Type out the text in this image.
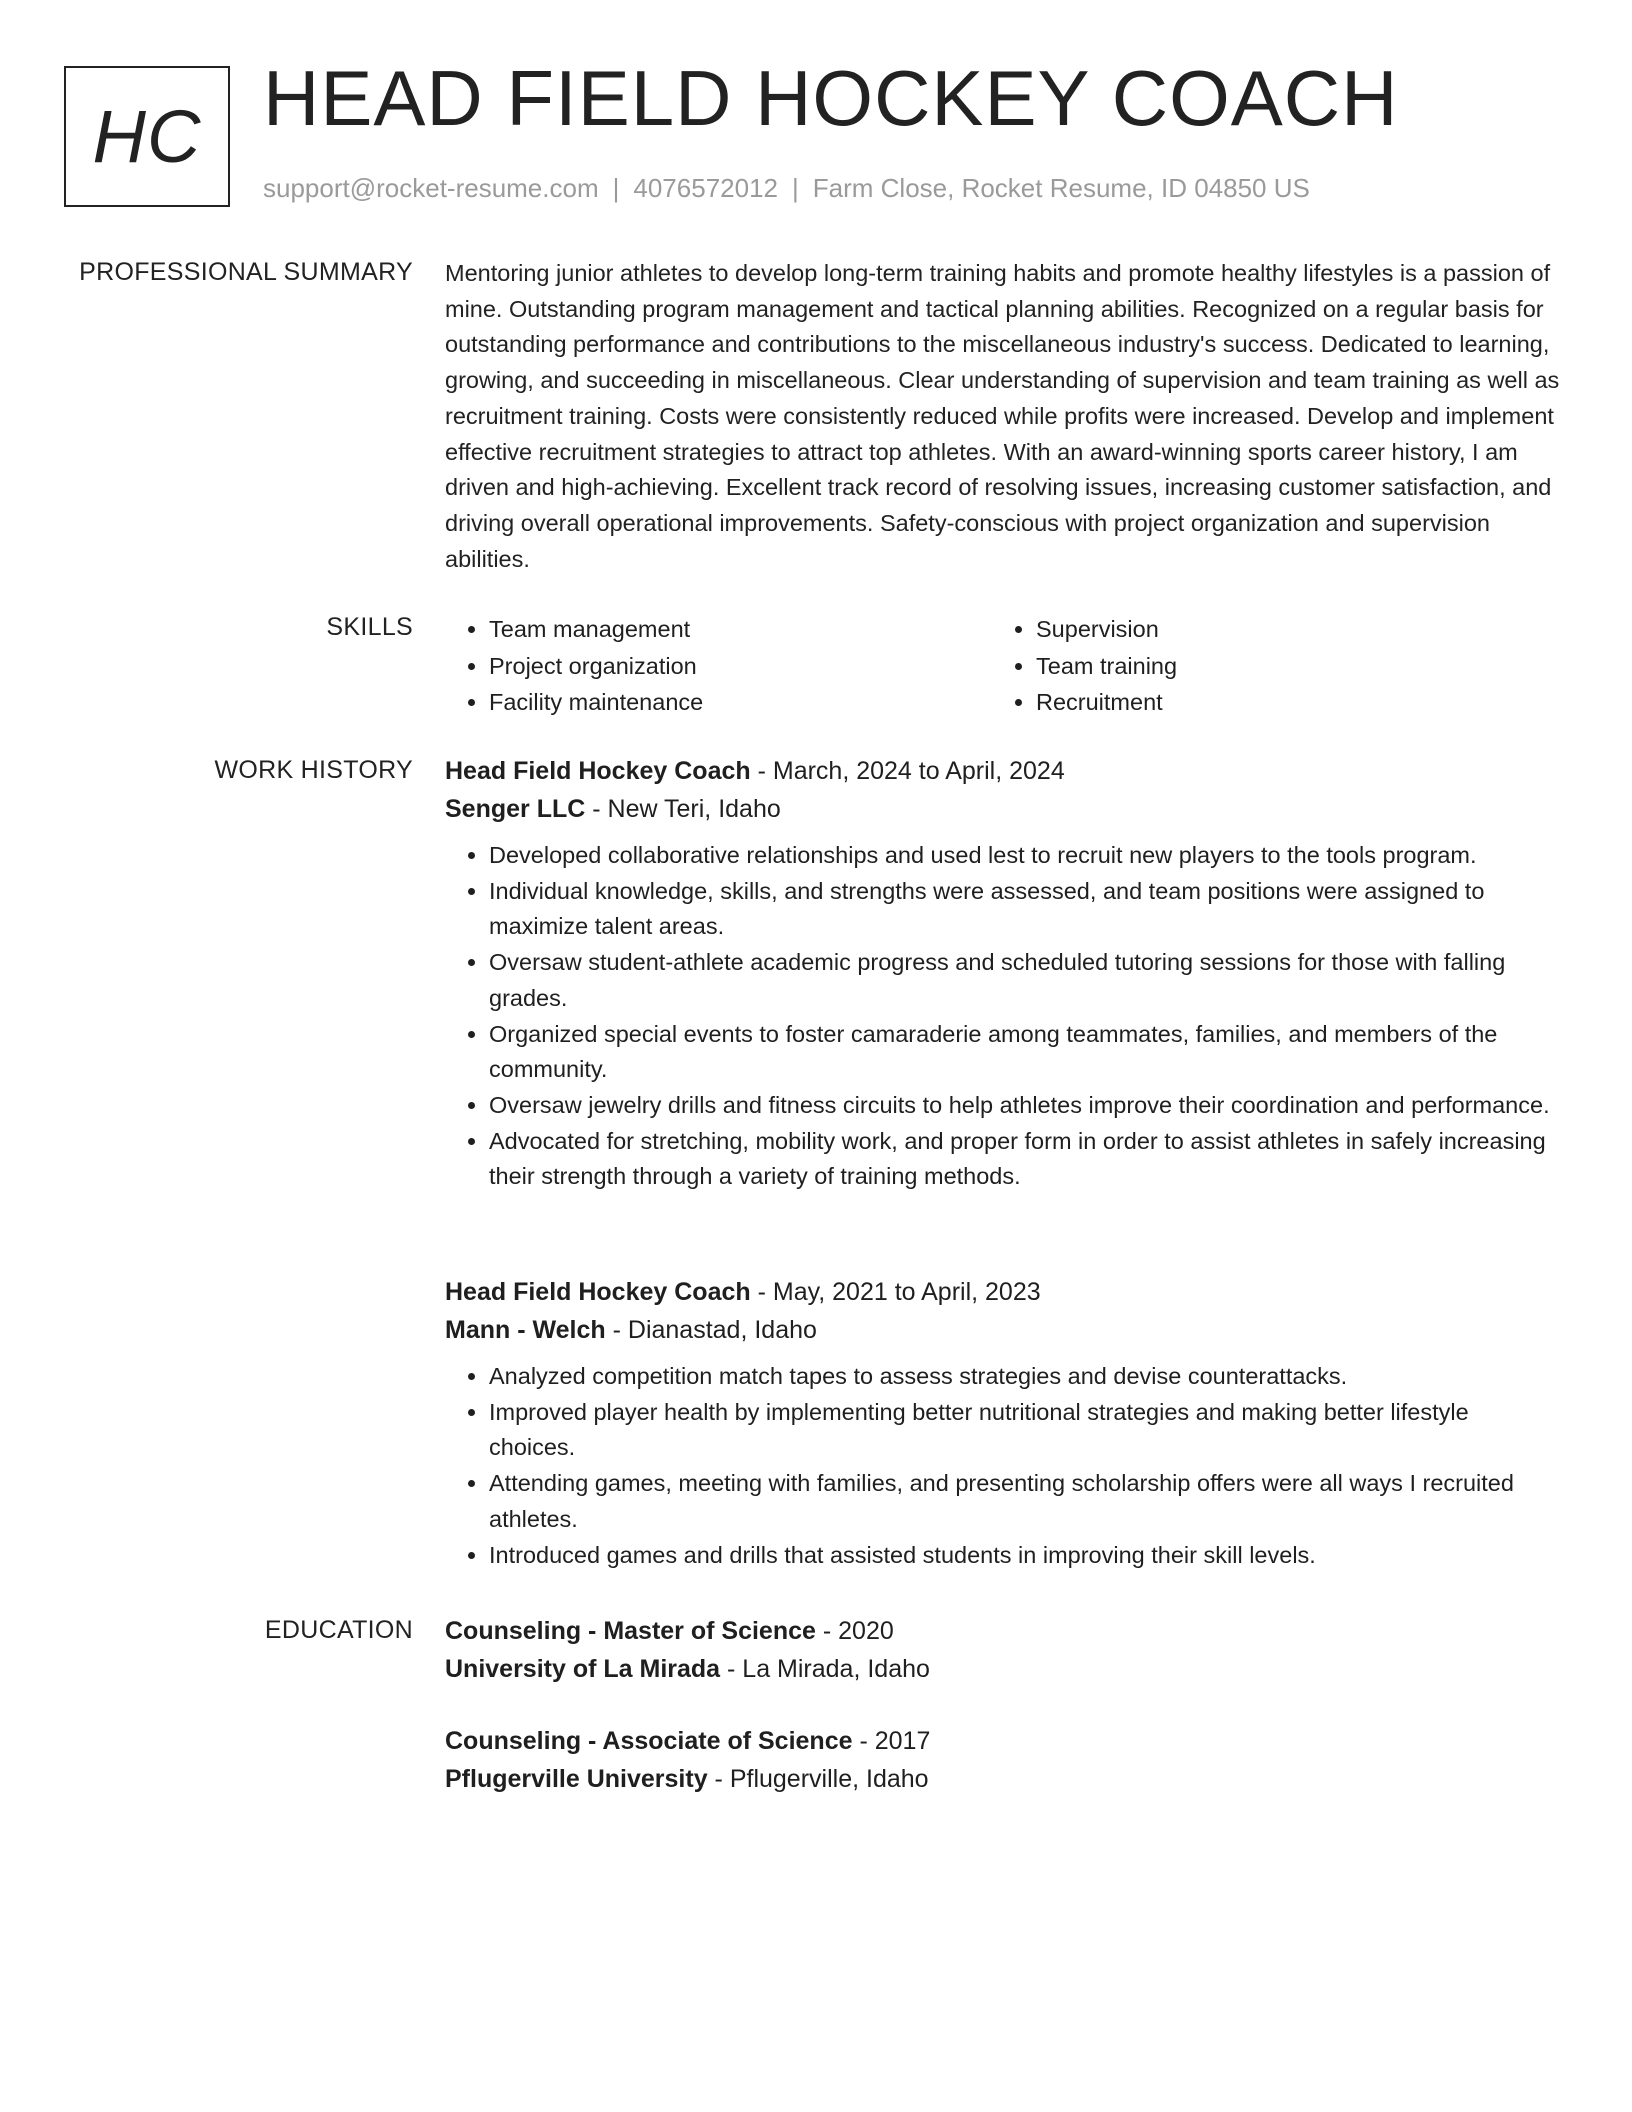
HC HEAD FIELD HOCKEY COACH
support@rocket-resume.com | 4076572012 | Farm Close, Rocket Resume, ID 04850 US
PROFESSIONAL SUMMARY Mentoring junior athletes to develop long-term training habits and promote healthy lifestyles is a passion of mine. Outstanding program management and tactical planning abilities. Recognized on a regular basis for outstanding performance and contributions to the miscellaneous industry's success. Dedicated to learning, growing, and succeeding in miscellaneous. Clear understanding of supervision and team training as well as recruitment training. Costs were consistently reduced while profits were increased. Develop and implement effective recruitment strategies to attract top athletes. With an award-winning sports career history, I am driven and high-achieving. Excellent track record of resolving issues, increasing customer satisfaction, and driving overall operational improvements. Safety-conscious with project organization and supervision abilities.

SKILLS
•	Team management
• Project organization
• Facility maintenance
• Supervision
• Team training
• Recruitment
WORK HISTORY Head Field Hockey Coach - March, 2024 to April, 2024

Senger LLC - New Teri, Idaho

• Developed collaborative relationships and used lest to recruit new players to the tools program.
• Individual knowledge, skills, and strengths were assessed, and team positions were assigned to maximize talent areas.
• Oversaw student-athlete academic progress and scheduled tutoring sessions for those with falling grades.
• Organized special events to foster camaraderie among teammates, families, and members of the community.
• Oversaw jewelry drills and fitness circuits to help athletes improve their coordination and performance.
• Advocated for stretching, mobility work, and proper form in order to assist athletes in safely increasing their strength through a variety of training methods.

Head Field Hockey Coach - May, 2021 to April, 2023

Mann - Welch - Dianastad, Idaho

• Analyzed competition match tapes to assess strategies and devise counterattacks.
• Improved player health by implementing better nutritional strategies and making better lifestyle choices.
• Attending games, meeting with families, and presenting scholarship offers were all ways I recruited athletes.
• Introduced games and drills that assisted students in improving their skill levels.
EDUCATION Counseling - Master of Science - 2020

University of La Mirada - La Mirada, Idaho

Counseling - Associate of Science - 2017

Pflugerville University - Pflugerville, Idaho
